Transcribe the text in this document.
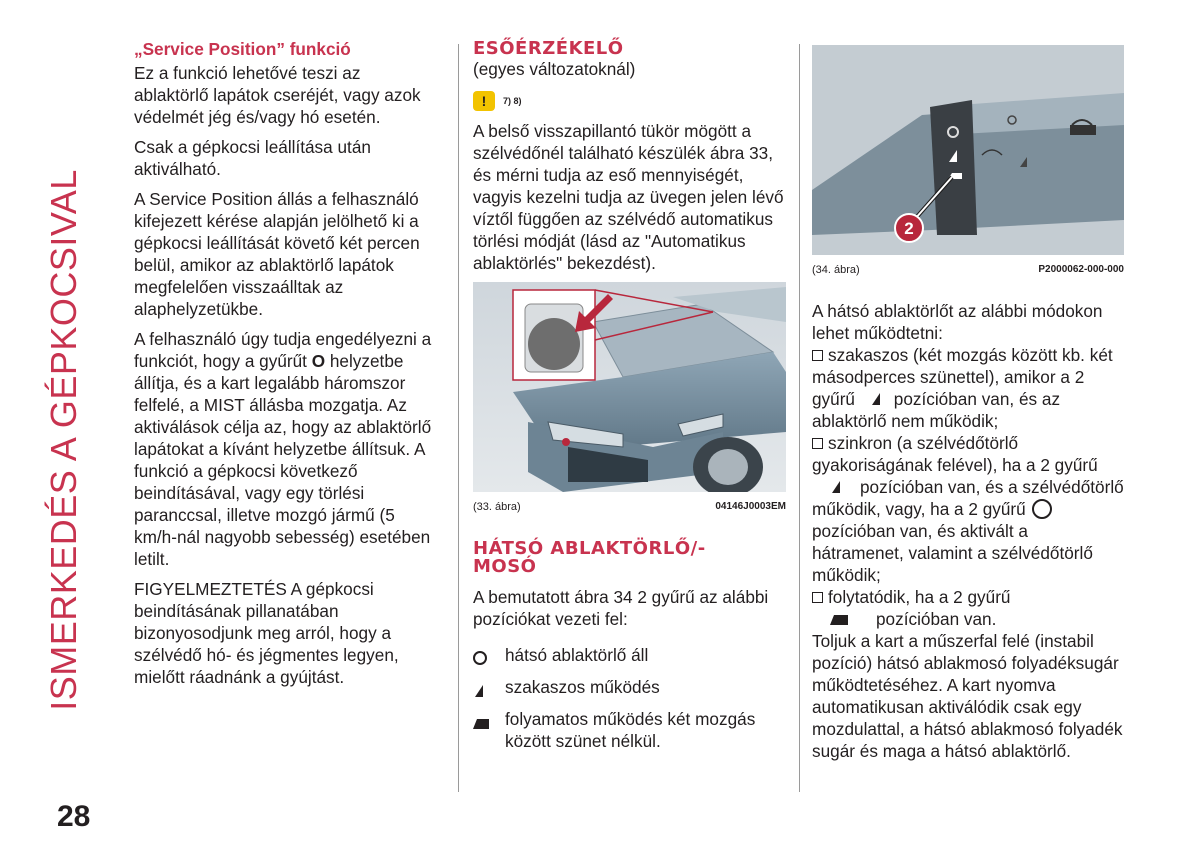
ISMERKEDÉS A GÉPKOCSIVAL
28
„Service Position” funkció

Ez a funkció lehetővé teszi az ablaktörlő lapátok cseréjét, vagy azok védelmét jég és/vagy hó esetén.

Csak a gépkocsi leállítása után aktiválható.

A Service Position állás a felhasználó kifejezett kérése alapján jelölhető ki a gépkocsi leállítását követő két percen belül, amikor az ablaktörlő lapátok megfelelően visszaálltak az alaphelyzetükbe.

A felhasználó úgy tudja engedélyezni a funkciót, hogy a gyűrűt O helyzetbe állítja, és a kart legalább háromszor felfelé, a MIST állásba mozgatja. Az aktiválások célja az, hogy az ablaktörlő lapátokat a kívánt helyzetbe állítsuk. A funkció a gépkocsi következő beindításával, vagy egy törlési paranccsal, illetve mozgó jármű (5 km/h-nál nagyobb sebesség) esetében letilt.

FIGYELMEZTETÉS A gépkocsi beindításának pillanatában bizonyosodjunk meg arról, hogy a szélvédő hó- és jégmentes legyen, mielőtt ráadnánk a gyújtást.

ESŐÉRZÉKELŐ

(egyes változatoknál)

!
7) 8)

A belső visszapillantó tükör mögött a szélvédőnél található készülék ábra 33, és mérni tudja az eső mennyiségét, vagyis kezelni tudja az üvegen jelen lévő víztől függően az szélvédő automatikus törlési módját (lásd az "Automatikus ablaktörlés" bekezdést).

(33. ábra)	04146J0003EM
HÁTSÓ ABLAKTÖRLŐ/-
MOSÓ

A bemutatott ábra 34 2 gyűrű az alábbi pozíciókat vezeti fel:

hátsó ablaktörlő áll
szakaszos működés
folyamatos működés két mozgás között szünet nélkül.
2
(34. ábra)	P2000062-000-000

A hátsó ablaktörlőt az alábbi módokon lehet működtetni:

szakaszos (két mozgás között kb. két másodperces szünettel), amikor a 2 gyűrű pozícióban van, és az ablaktörlő nem működik;

szinkron (a szélvédőtörlő gyakoriságának felével), ha a 2 gyűrű pozícióban van, és a szélvédőtörlő működik, vagy, ha a 2 gyűrű  pozícióban van, és aktivált a hátramenet, valamint a szélvédőtörlő működik;

folytatódik, ha a 2 gyűrű
pozícióban van.

Toljuk a kart a műszerfal felé (instabil pozíció) hátsó ablakmosó folyadéksugár működtetéséhez. A kart nyomva automatikusan aktiválódik csak egy mozdulattal, a hátsó ablakmosó folyadék sugár és maga a hátsó ablaktörlő.
